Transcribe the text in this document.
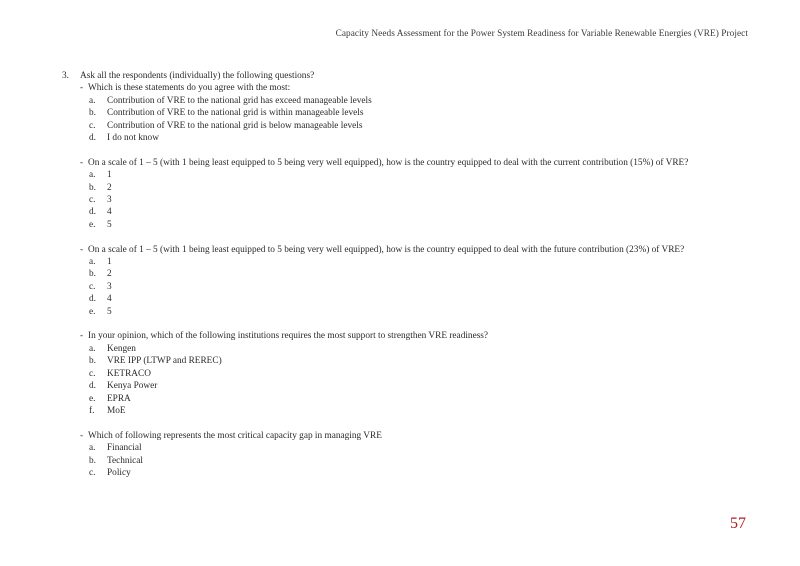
Capacity Needs Assessment for the Power System Readiness for Variable Renewable Energies (VRE) Project
3.	Ask all the respondents (individually) the following questions?
- Which is these statements do you agree with the most:
a.	Contribution of VRE to the national grid has exceed manageable levels
b.	Contribution of VRE to the national grid is within manageable levels
c.	Contribution of VRE to the national grid is below manageable levels
d.	I do not know
- On a scale of 1 – 5 (with 1 being least equipped to 5 being very well equipped), how is the country equipped to deal with the current contribution (15%) of VRE?
a.	1
b.	2
c.	3
d.	4
e.	5
- On a scale of 1 – 5 (with 1 being least equipped to 5 being very well equipped), how is the country equipped to deal with the future contribution (23%) of VRE?
a.	1
b.	2
c.	3
d.	4
e.	5
- In your opinion, which of the following institutions requires the most support to strengthen VRE readiness?
a.	Kengen
b.	VRE IPP (LTWP and REREC)
c.	KETRACO
d.	Kenya Power
e.	EPRA
f.	MoE
- Which of following represents the most critical capacity gap in managing VRE
a.	Financial
b.	Technical
c.	Policy
57
